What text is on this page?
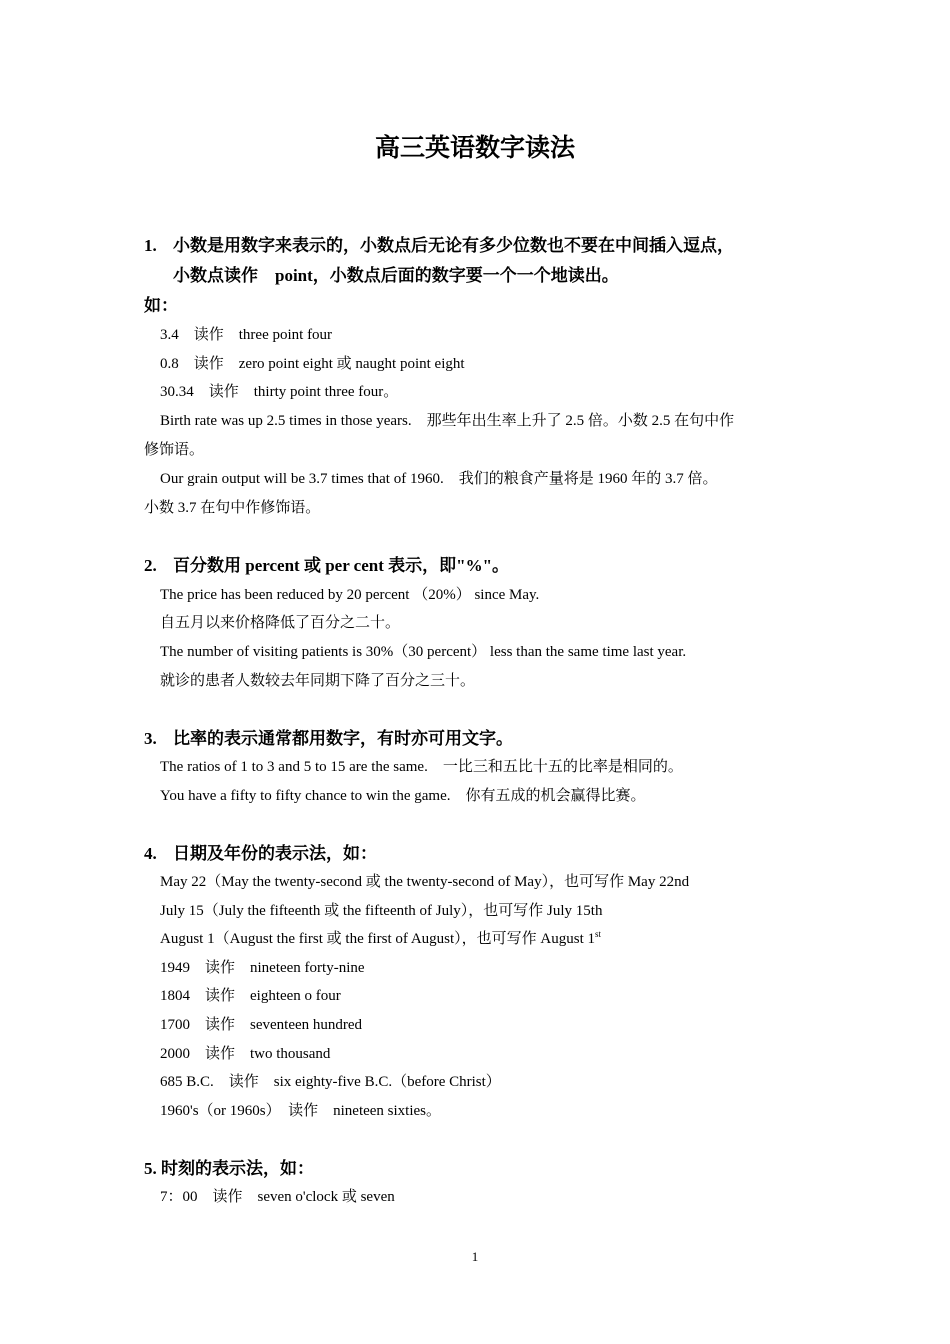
高三英语数字读法
1. 小数是用数字来表示的，小数点后无论有多少位数也不要在中间插入逗点，
小数点读作　point，小数点后面的数字要一个一个地读出。
如：
3.4　读作　three point four
0.8　读作　zero point eight 或 naught point eight
30.34　读作　thirty point three four。
Birth rate was up 2.5 times in those years.　那些年出生率上升了 2.5 倍。小数 2.5 在句中作
修饰语。
Our grain output will be 3.7 times that of 1960.　我们的粮食产量将是 1960 年的 3.7 倍。
小数 3.7 在句中作修饰语。
2. 百分数用 percent 或 per cent 表示，即"%"。
The price has been reduced by 20 percent （20%） since May.
自五月以来价格降低了百分之二十。
The number of visiting patients is 30%（30 percent） less than the same time last year.
就诊的患者人数较去年同期下降了百分之三十。
3. 比率的表示通常都用数字，有时亦可用文字。
The ratios of 1 to 3 and 5 to 15 are the same.　一比三和五比十五的比率是相同的。
You have a fifty to fifty chance to win the game.　你有五成的机会赢得比赛。
4. 日期及年份的表示法，如：
May 22（May the twenty-second 或 the twenty-second of May），也可写作 May 22nd
July 15（July the fifteenth 或 the fifteenth of July），也可写作 July 15th
August 1（August the first 或 the first of August），也可写作 August 1st
1949　读作　nineteen forty-nine
1804　读作　eighteen o four
1700　读作　seventeen hundred
2000　读作　two thousand
685 B.C.　读作　six eighty-five B.C.（before Christ）
1960's（or 1960s）　读作　nineteen sixties。
5. 时刻的表示法，如：
7：00　读作　seven o'clock 或 seven
1
